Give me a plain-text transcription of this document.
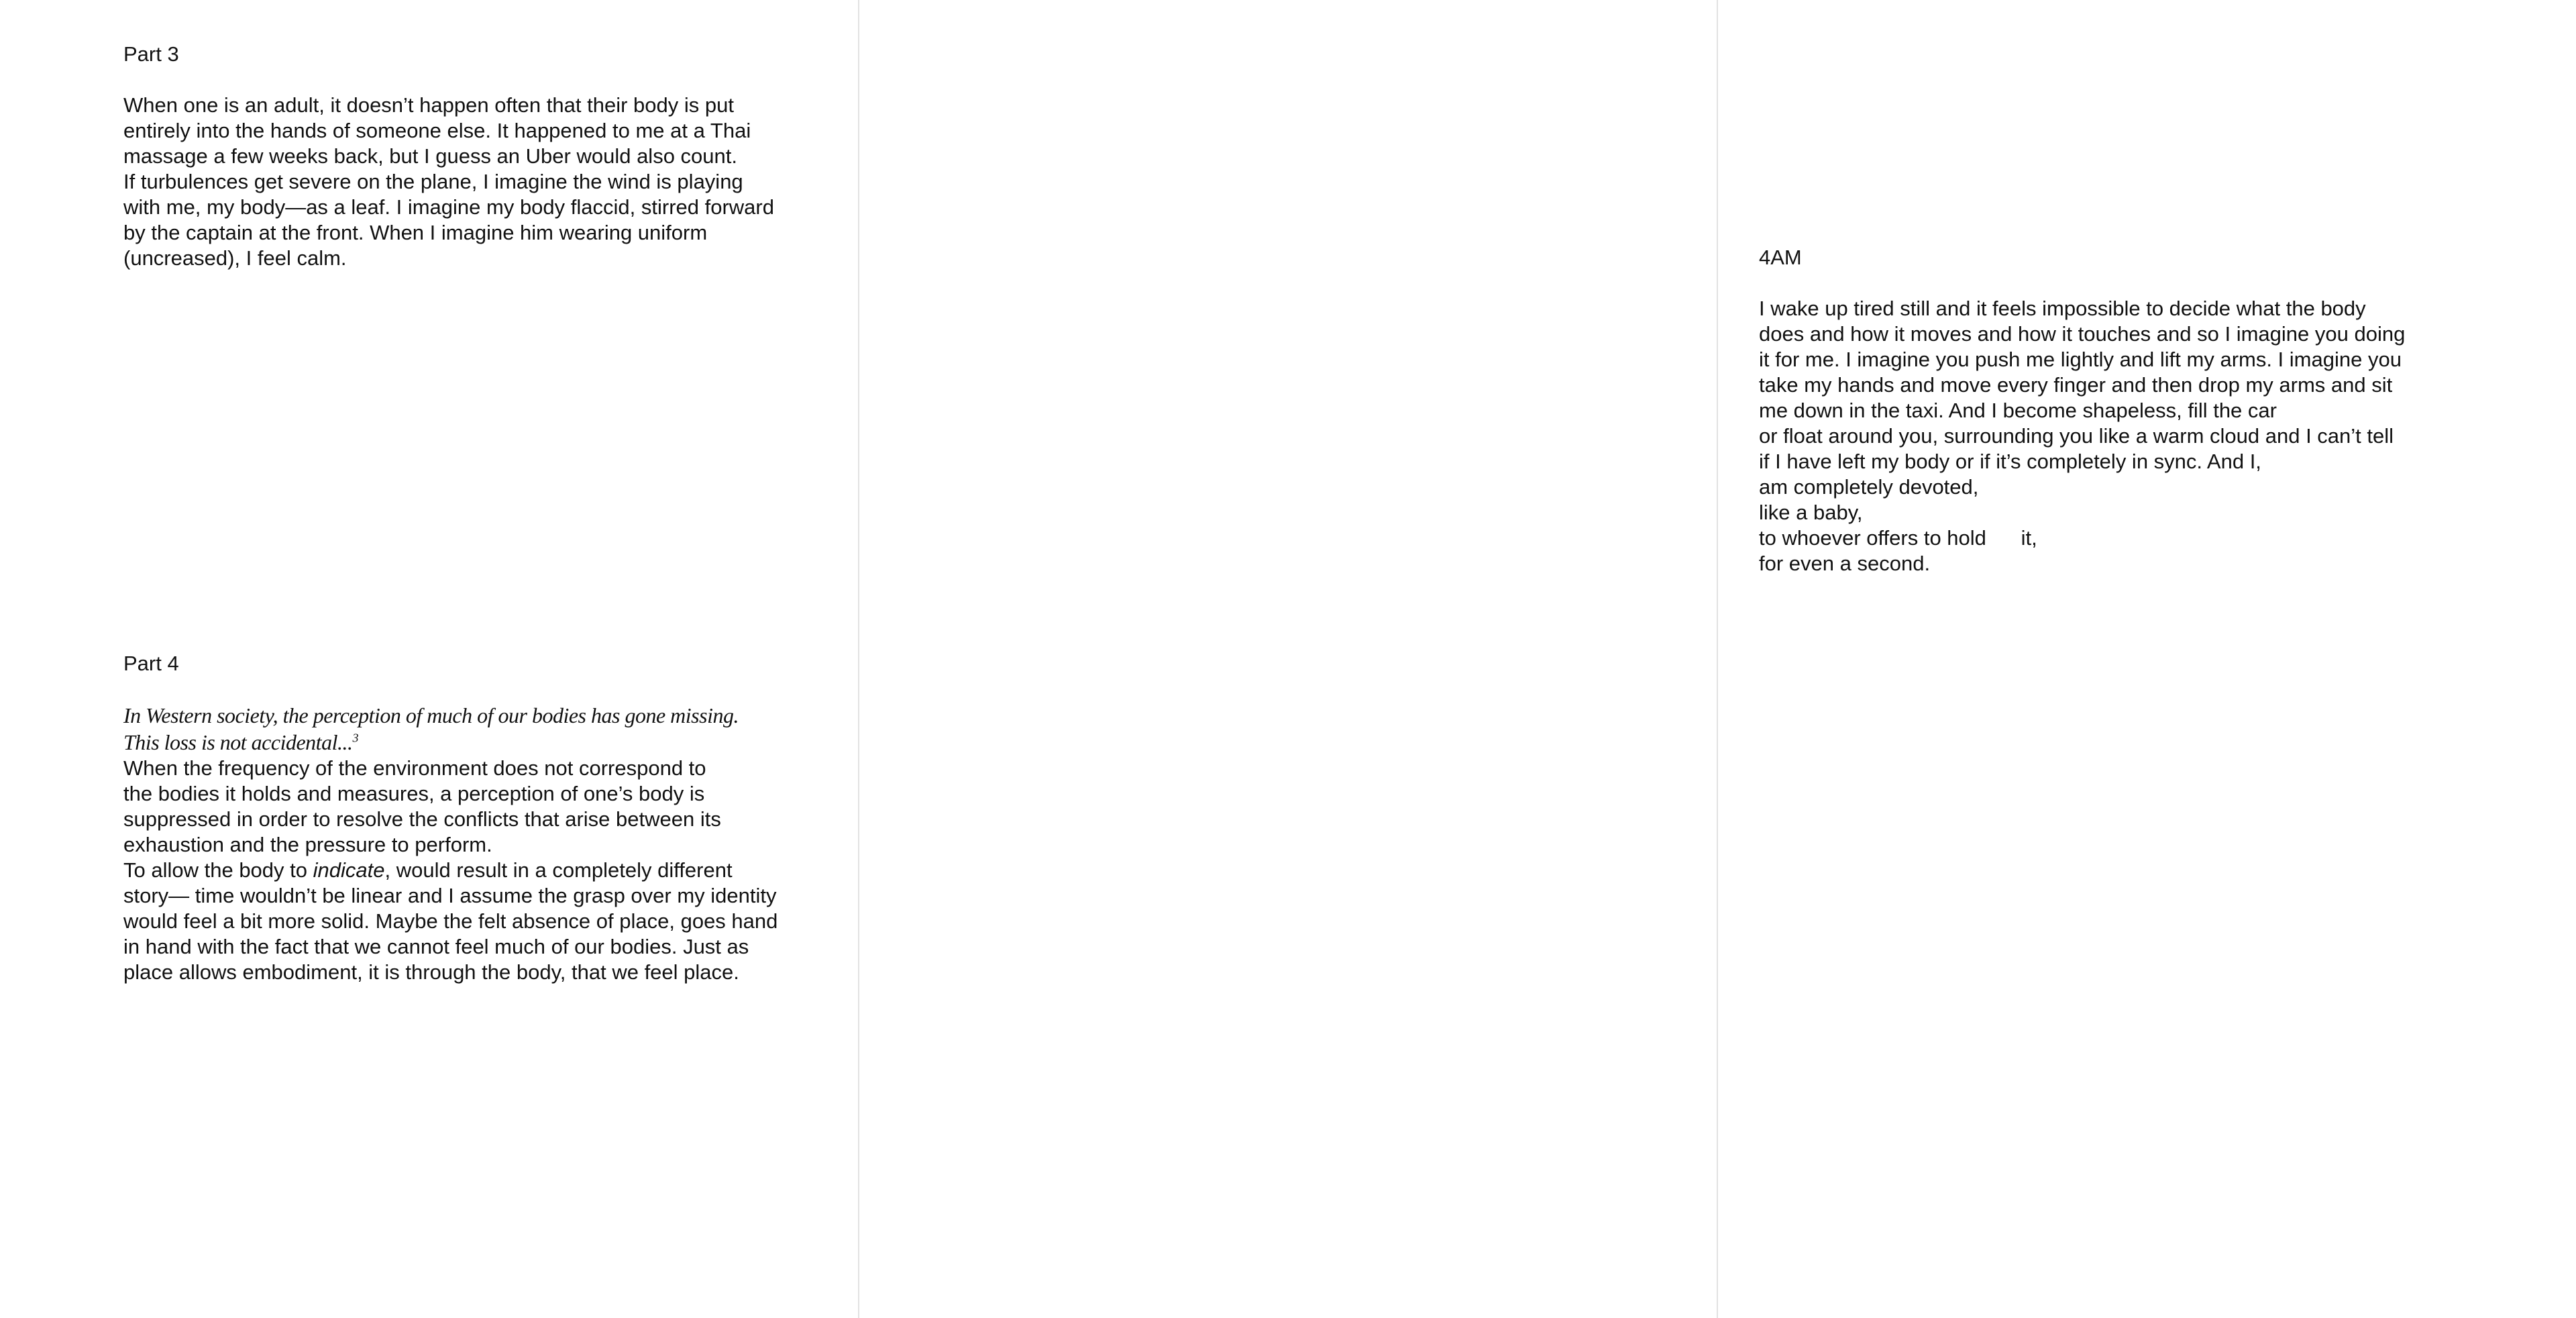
Part 3

When one is an adult, it doesn’t happen often that their body is put
entirely into the hands of someone else. It happened to me at a Thai
massage a few weeks back, but I guess an Uber would also count.
If turbulences get severe on the plane, I imagine the wind is playing
with me, my body—as a leaf. I imagine my body flaccid, stirred forward
by the captain at the front. When I imagine him wearing uniform
(uncreased), I feel calm.

Part 4

In Western society, the perception of much of our bodies has gone missing.
This loss is not accidental...$^3$

When the frequency of the environment does not correspond to
the bodies it holds and measures, a perception of one’s body is
suppressed in order to resolve the conflicts that arise between its
exhaustion and the pressure to perform.

To allow the body to indicate, would result in a completely different
story— time wouldn’t be linear and I assume the grasp over my identity
would feel a bit more solid. Maybe the felt absence of place, goes hand
in hand with the fact that we cannot feel much of our bodies. Just as
place allows embodiment, it is through the body, that we feel place.

4AM

I wake up tired still and it feels impossible to decide what the body
does and how it moves and how it touches and so I imagine you doing
it for me. I imagine you push me lightly and lift my arms. I imagine you
take my hands and move every finger and then drop my arms and sit
me down in the taxi. And I become shapeless, fill the car
or float around you, surrounding you like a warm cloud and I can’t tell
if I have left my body or if it’s completely in sync. And I,
am completely devoted,
like a baby,
to whoever offers to hold      it,
for even a second.
